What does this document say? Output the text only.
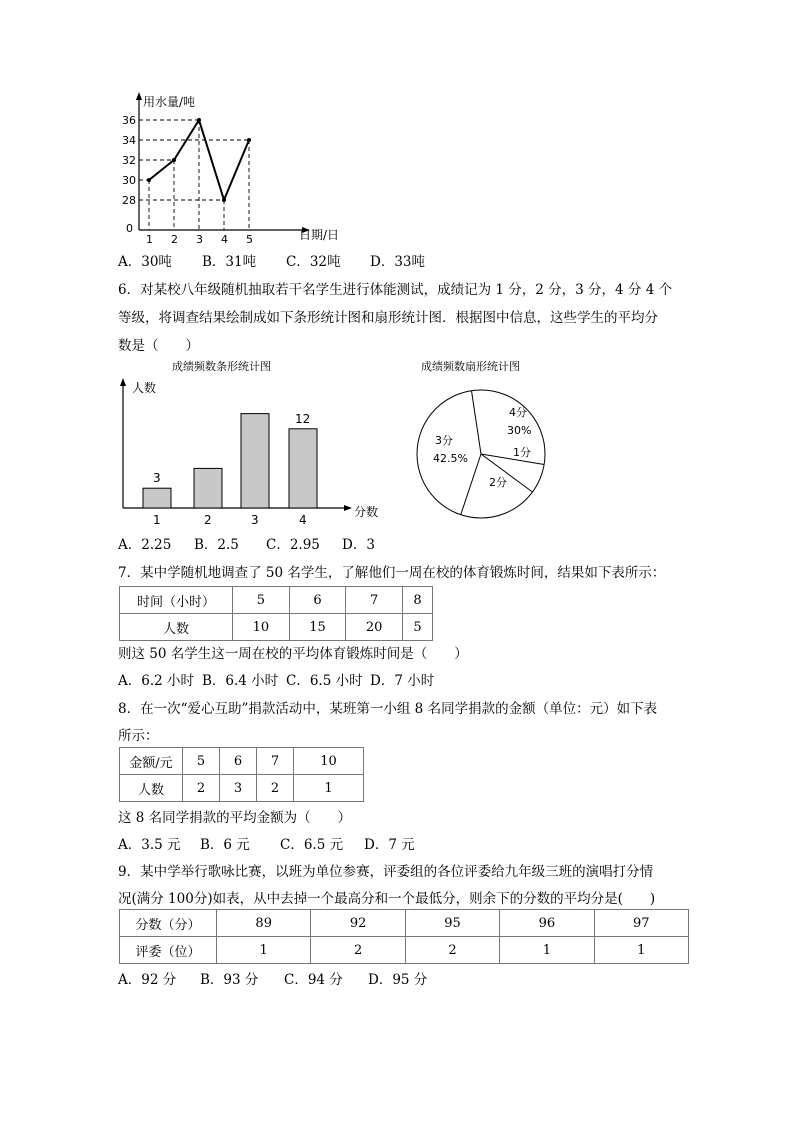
用水量/吨
日期/日
0
28
30
32
34
36
1 2 3 4 5
A．30吨 B．31吨 C．32吨 D．33吨
6．对某校八年级随机抽取若干名学生进行体能测试，成绩记为 1 分，2 分，3 分，4 分 4 个
等级，将调查结果绘制成如下条形统计图和扇形统计图．根据图中信息，这些学生的平均分
数是（　　）
成绩频数条形统计图
人数
分数
1
3
2	3	4
12
成绩频数扇形统计图
4分
30%
1分
2分
3分
42.5%
A．2.25 B．2.5 C．2.95 D．3
7．某中学随机地调查了 50 名学生，了解他们一周在校的体育锻炼时间，结果如下表所示：
时间（小时）	5	6	7	8
人数	10	15	20	5
则这 50 名学生这一周在校的平均体育锻炼时间是（　　）
A．6.2 小时 B．6.4 小时 C．6.5 小时 D．7 小时
8．在一次“爱心互助”捐款活动中，某班第一小组 8 名同学捐款的金额（单位：元）如下表
所示：
金额/元	5	6	7	10
人数	2	3	2	1
这 8 名同学捐款的平均金额为（　　）
A．3.5 元 B．6 元 C．6.5 元 D．7 元
9．某中学举行歌咏比赛，以班为单位参赛，评委组的各位评委给九年级三班的演唱打分情
况(满分 100分)如表，从中去掉一个最高分和一个最低分，则余下的分数的平均分是(　　)
分数（分）	89	92	95	96	97
评委（位）	1	2	2	1	1
A．92 分 B．93 分 C．94 分 D．95 分
